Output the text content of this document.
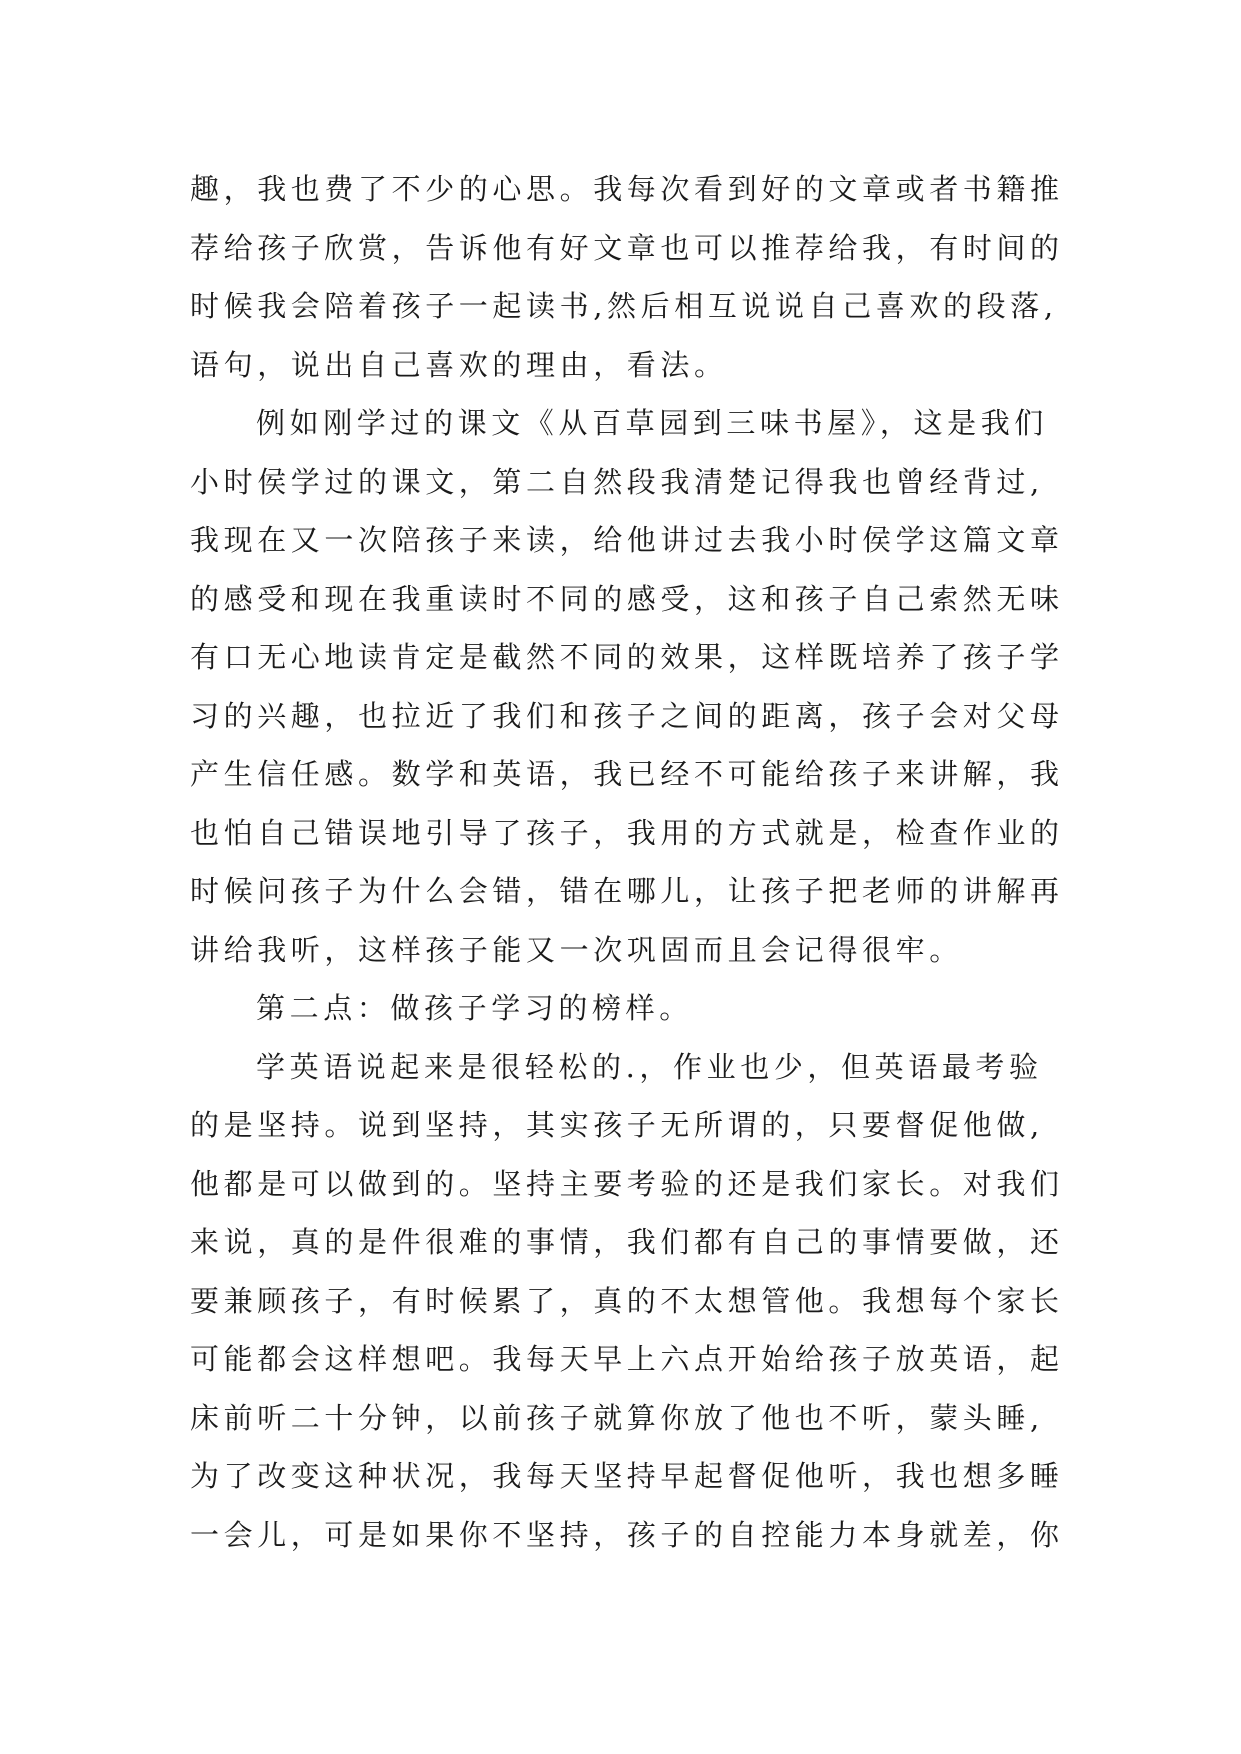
趣，我也费了不少的心思。我每次看到好的文章或者书籍推
荐给孩子欣赏，告诉他有好文章也可以推荐给我，有时间的
时候我会陪着孩子一起读书,然后相互说说自己喜欢的段落,
语句，说出自己喜欢的理由，看法。
例如刚学过的课文《从百草园到三味书屋》，这是我们
小时侯学过的课文，第二自然段我清楚记得我也曾经背过,
我现在又一次陪孩子来读，给他讲过去我小时侯学这篇文章
的感受和现在我重读时不同的感受，这和孩子自己索然无味
有口无心地读肯定是截然不同的效果，这样既培养了孩子学
习的兴趣，也拉近了我们和孩子之间的距离，孩子会对父母
产生信任感。数学和英语，我已经不可能给孩子来讲解，我
也怕自己错误地引导了孩子，我用的方式就是，检查作业的
时候问孩子为什么会错，错在哪儿，让孩子把老师的讲解再
讲给我听，这样孩子能又一次巩固而且会记得很牢。
第二点：做孩子学习的榜样。
学英语说起来是很轻松的.，作业也少，但英语最考验
的是坚持。说到坚持，其实孩子无所谓的，只要督促他做,
他都是可以做到的。坚持主要考验的还是我们家长。对我们
来说，真的是件很难的事情，我们都有自己的事情要做，还
要兼顾孩子，有时候累了，真的不太想管他。我想每个家长
可能都会这样想吧。我每天早上六点开始给孩子放英语，起
床前听二十分钟，以前孩子就算你放了他也不听，蒙头睡,
为了改变这种状况，我每天坚持早起督促他听，我也想多睡
一会儿，可是如果你不坚持，孩子的自控能力本身就差，你
